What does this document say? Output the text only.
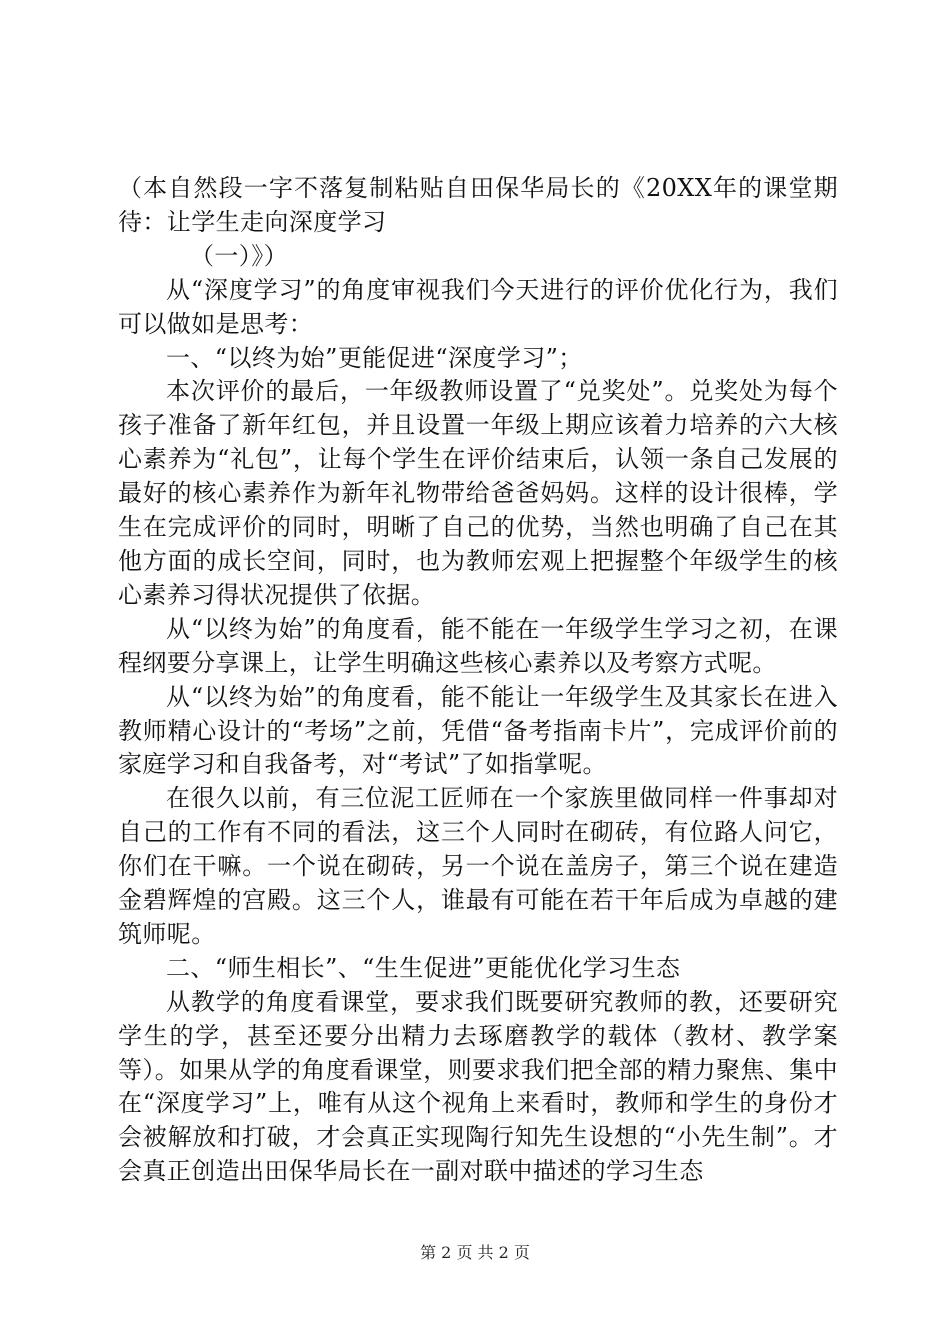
（本自然段一字不落复制粘贴自田保华局长的《20XX年的课堂期待：让学生走向深度学习

（一）》）

从“深度学习”的角度审视我们今天进行的评价优化行为，我们可以做如是思考：

一、“以终为始”更能促进“深度学习”；

本次评价的最后，一年级教师设置了“兑奖处”。兑奖处为每个孩子准备了新年红包，并且设置一年级上期应该着力培养的六大核心素养为“礼包”，让每个学生在评价结束后，认领一条自己发展的最好的核心素养作为新年礼物带给爸爸妈妈。这样的设计很棒，学生在完成评价的同时，明晰了自己的优势，当然也明确了自己在其他方面的成长空间，同时，也为教师宏观上把握整个年级学生的核心素养习得状况提供了依据。

从“以终为始”的角度看，能不能在一年级学生学习之初，在课程纲要分享课上，让学生明确这些核心素养以及考察方式呢。

从“以终为始”的角度看，能不能让一年级学生及其家长在进入教师精心设计的“考场”之前，凭借“备考指南卡片”，完成评价前的家庭学习和自我备考，对“考试”了如指掌呢。

在很久以前，有三位泥工匠师在一个家族里做同样一件事却对自己的工作有不同的看法，这三个人同时在砌砖，有位路人问它，你们在干嘛。一个说在砌砖，另一个说在盖房子，第三个说在建造金碧辉煌的宫殿。这三个人，谁最有可能在若干年后成为卓越的建筑师呢。

二、“师生相长”、“生生促进”更能优化学习生态

从教学的角度看课堂，要求我们既要研究教师的教，还要研究学生的学，甚至还要分出精力去琢磨教学的载体（教材、教学案等）。如果从学的角度看课堂，则要求我们把全部的精力聚焦、集中在“深度学习”上，唯有从这个视角上来看时，教师和学生的身份才会被解放和打破，才会真正实现陶行知先生设想的“小先生制”。才会真正创造出田保华局长在一副对联中描述的学习生态

第 2 页 共 2 页
